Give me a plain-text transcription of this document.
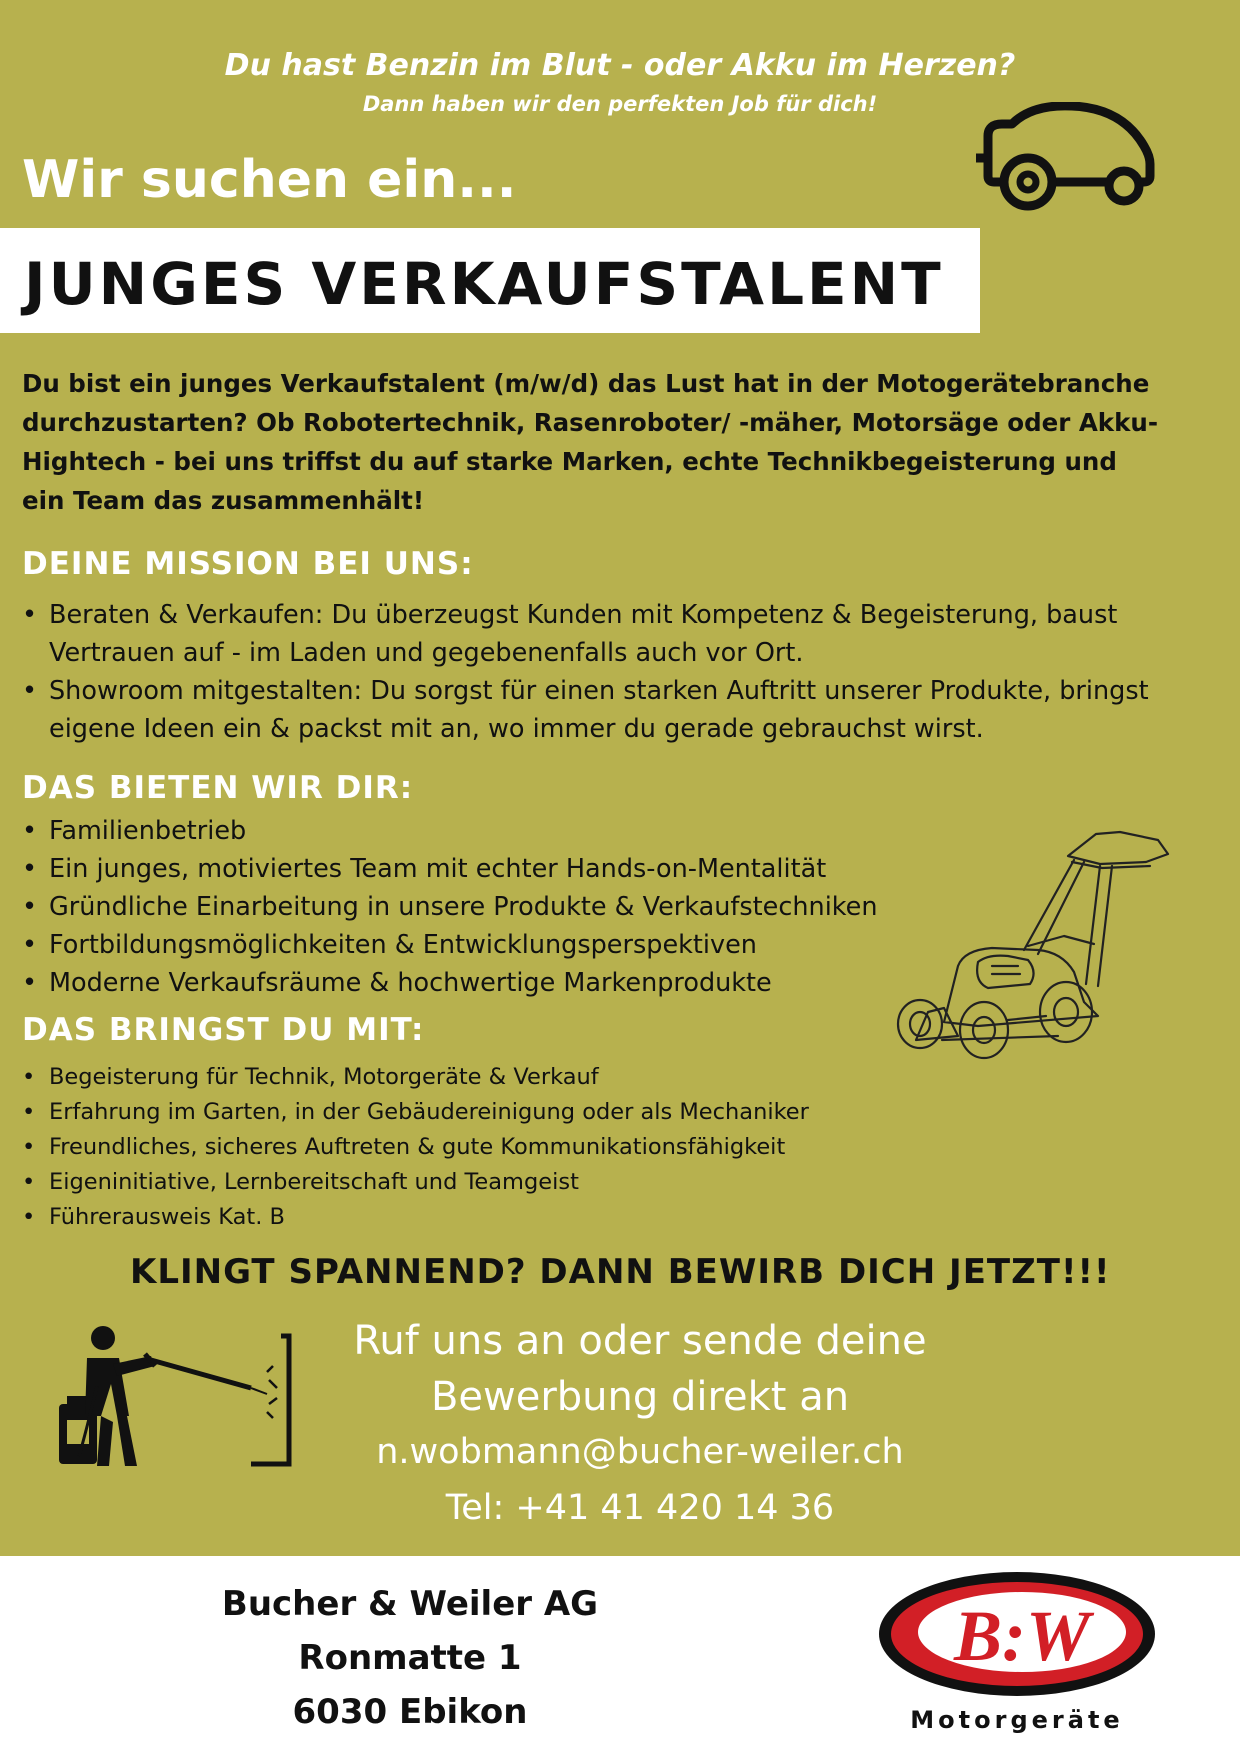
Du hast Benzin im Blut - oder Akku im Herzen?
Dann haben wir den perfekten Job für dich!
Wir suchen ein...
JUNGES VERKAUFSTALENT
Du bist ein junges Verkaufstalent (m/w/d) das Lust hat in der Motogerätebranche durchzustarten? Ob Robotertechnik, Rasenroboter/ -mäher, Motorsäge oder Akku-Hightech - bei uns triffst du auf starke Marken, echte Technikbegeisterung und ein Team das zusammenhält!
DEINE MISSION BEI UNS:
• Beraten & Verkaufen: Du überzeugst Kunden mit Kompetenz & Begeisterung, baust Vertrauen auf - im Laden und gegebenenfalls auch vor Ort.
• Showroom mitgestalten: Du sorgst für einen starken Auftritt unserer Produkte, bringst eigene Ideen ein & packst mit an, wo immer du gerade gebrauchst wirst.
DAS BIETEN WIR DIR:
• Familienbetrieb
• Ein junges, motiviertes Team mit echter Hands-on-Mentalität
• Gründliche Einarbeitung in unsere Produkte & Verkaufstechniken
• Fortbildungsmöglichkeiten & Entwicklungsperspektiven
• Moderne Verkaufsräume & hochwertige Markenprodukte
DAS BRINGST DU MIT:
• Begeisterung für Technik, Motorgeräte & Verkauf
• Erfahrung im Garten, in der Gebäudereinigung oder als Mechaniker
• Freundliches, sicheres Auftreten & gute Kommunikationsfähigkeit
• Eigeninitiative, Lernbereitschaft und Teamgeist
• Führerausweis Kat. B
KLINGT SPANNEND? DANN BEWIRB DICH JETZT!!!
Ruf uns an oder sende deine
Bewerbung direkt an
n.wobmann@bucher-weiler.ch
Tel: +41 41 420 14 36
Bucher & Weiler AG
Ronmatte 1
6030 Ebikon
B:W
Motorgeräte
